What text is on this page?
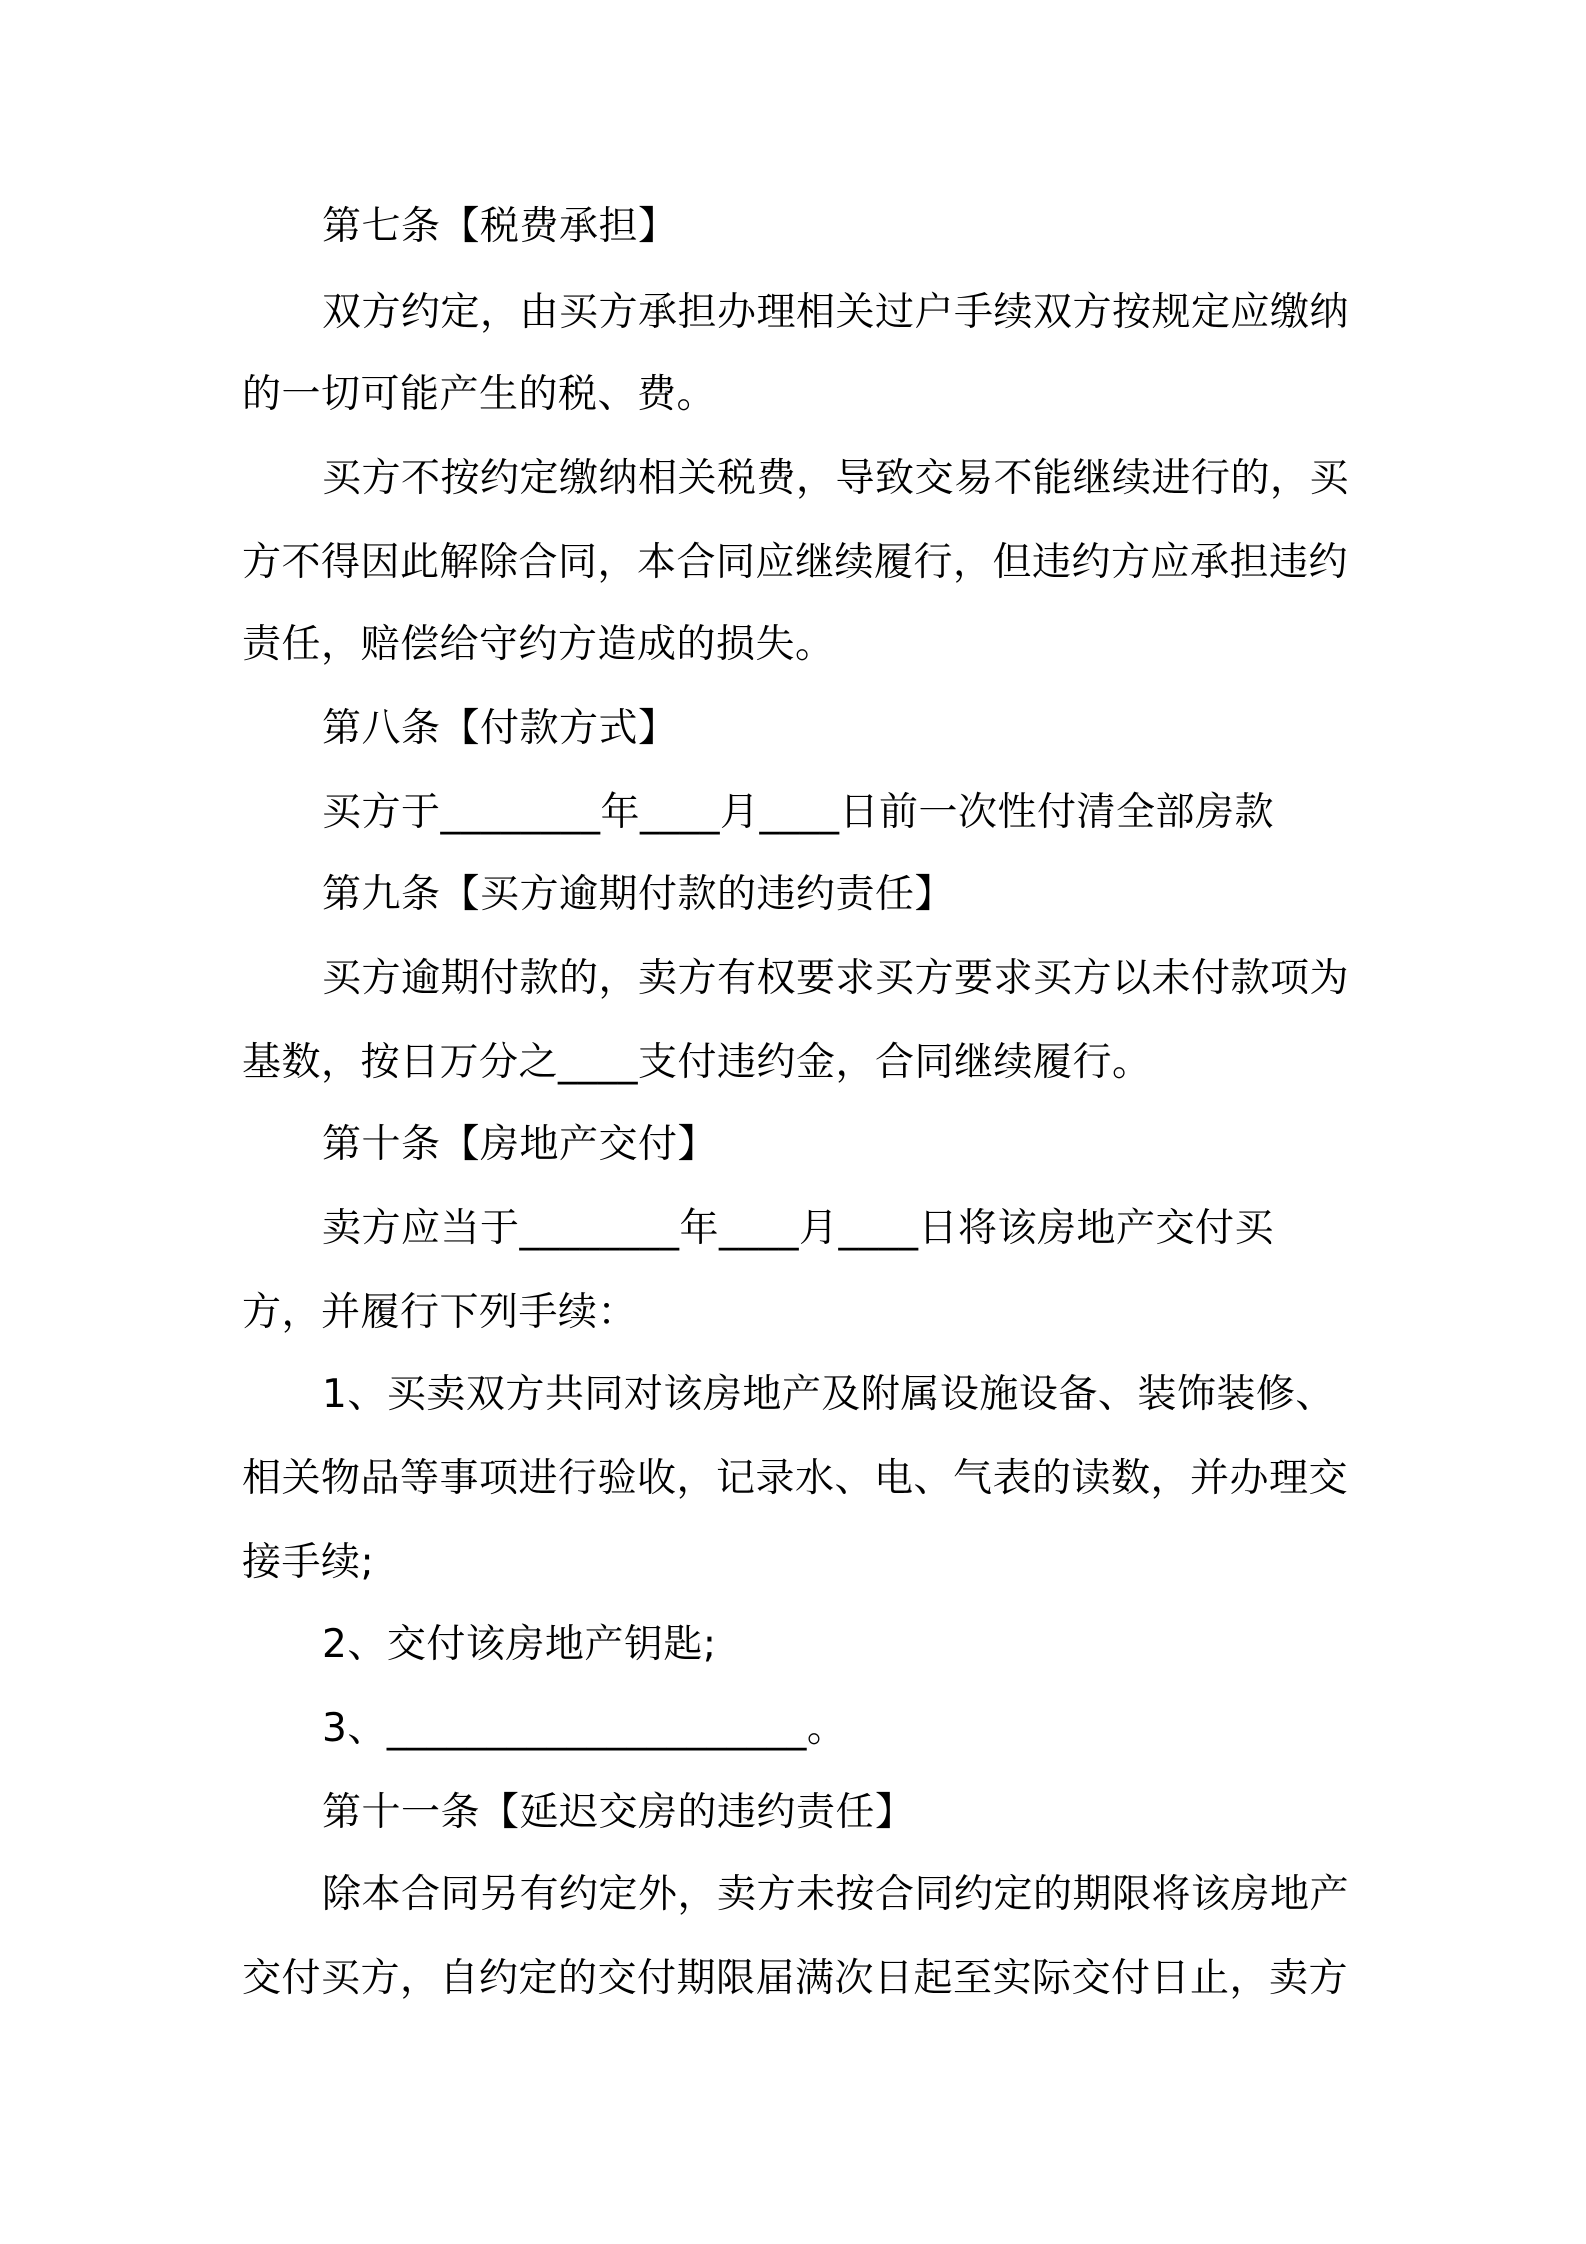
第七条【税费承担】
双方约定，由买方承担办理相关过户手续双方按规定应缴纳
的一切可能产生的税、费。
买方不按约定缴纳相关税费，导致交易不能继续进行的，买
方不得因此解除合同，本合同应继续履行，但违约方应承担违约
责任，赔偿给守约方造成的损失。
第八条【付款方式】
买方于________年____月____日前一次性付清全部房款
第九条【买方逾期付款的违约责任】
买方逾期付款的，卖方有权要求买方要求买方以未付款项为
基数，按日万分之____支付违约金，合同继续履行。
第十条【房地产交付】
卖方应当于________年____月____日将该房地产交付买
方，并履行下列手续：
1、买卖双方共同对该房地产及附属设施设备、装饰装修、
相关物品等事项进行验收，记录水、电、气表的读数，并办理交
接手续;
2、交付该房地产钥匙;
3、_____________________。
第十一条【延迟交房的违约责任】
除本合同另有约定外，卖方未按合同约定的期限将该房地产
交付买方，自约定的交付期限届满次日起至实际交付日止，卖方
